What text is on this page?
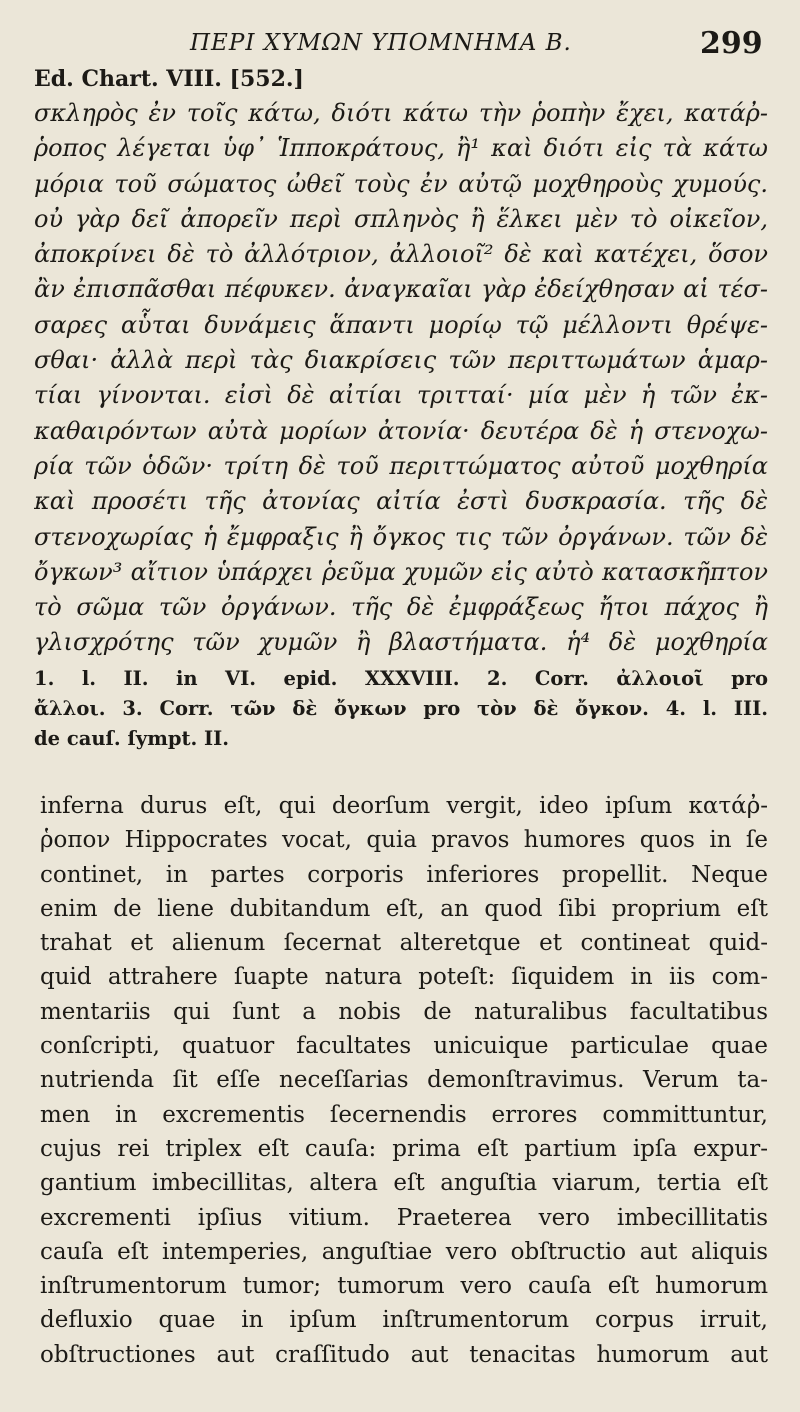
ΠΕΡΙ ΧΥΜΩΝ ΥΠΟΜΝΗΜΑ Β.	299
Ed. Chart. VIII. [552.]
σκληρὸς ἐν τοῖς κάτω, διότι κάτω τὴν ῥοπὴν ἔχει, κατάῤ-
ῥοπος λέγεται ὑφ᾽ Ἱπποκράτους, ἢ¹ καὶ διότι εἰς τὰ κάτω
μόρια τοῦ σώματος ὠθεῖ τοὺς ἐν αὐτῷ μοχθηροὺς χυμούς.
οὐ γὰρ δεῖ ἀπορεῖν περὶ σπληνὸς ἢ ἕλκει μὲν τὸ οἰκεῖον,
ἀποκρίνει δὲ τὸ ἀλλότριον, ἀλλοιοῖ² δὲ καὶ κατέχει, ὅσον
ἂν ἐπισπᾶσθαι πέφυκεν. ἀναγκαῖαι γὰρ ἐδείχθησαν αἱ τέσ-
σαρες αὗται δυνάμεις ἅπαντι μορίῳ τῷ μέλλοντι θρέψε-
σθαι· ἀλλὰ περὶ τὰς διακρίσεις τῶν περιττωμάτων ἁμαρ-
τίαι γίνονται. εἰσὶ δὲ αἰτίαι τριτταί· μία μὲν ἡ τῶν ἐκ-
καθαιρόντων αὐτὰ μορίων ἀτονία· δευτέρα δὲ ἡ στενοχω-
ρία τῶν ὁδῶν· τρίτη δὲ τοῦ περιττώματος αὐτοῦ μοχθηρία
καὶ προσέτι τῆς ἀτονίας αἰτία ἐστὶ δυσκρασία. τῆς δὲ
στενοχωρίας ἡ ἔμφραξις ἢ ὄγκος τις τῶν ὀργάνων. τῶν δὲ
ὄγκων³ αἴτιον ὑπάρχει ῥεῦμα χυμῶν εἰς αὐτὸ κατασκῆπτον
τὸ σῶμα τῶν ὀργάνων. τῆς δὲ ἐμφράξεως ἤτοι πάχος ἢ
γλισχρότης τῶν χυμῶν ἢ βλαστήματα. ἡ⁴ δὲ μοχθηρία
1. l. II. in VI. epid. XXXVIII. 2. Corr. ἀλλοιοῖ pro
ἄλλοι. 3. Corr. τῶν δὲ ὄγκων pro τὸν δὲ ὄγκον. 4. l. III.
de cauſ. ſympt. II.
inferna durus eſt, qui deorſum vergit, ideo ipſum κατάῤ-
ῥοπον Hippocrates vocat, quia pravos humores quos in ſe
continet, in partes corporis inferiores propellit. Neque
enim de liene dubitandum eſt, an quod ſibi proprium eſt
trahat et alienum ſecernat alteretque et contineat quid-
quid attrahere ſuapte natura poteſt: ſiquidem in iis com-
mentariis qui ſunt a nobis de naturalibus facultatibus
conſcripti, quatuor facultates unicuique particulae quae
nutrienda ſit eſſe neceſſarias demonſtravimus. Verum ta-
men in excrementis ſecernendis errores committuntur,
cujus rei triplex eſt cauſa: prima eſt partium ipſa expur-
gantium imbecillitas, altera eſt anguſtia viarum, tertia eſt
excrementi ipſius vitium. Praeterea vero imbecillitatis
cauſa eſt intemperies, anguſtiae vero obſtructio aut aliquis
inſtrumentorum tumor; tumorum vero cauſa eſt humorum
defluxio quae in ipſum inſtrumentorum corpus irruit,
obſtructiones aut craſſitudo aut tenacitas humorum aut
